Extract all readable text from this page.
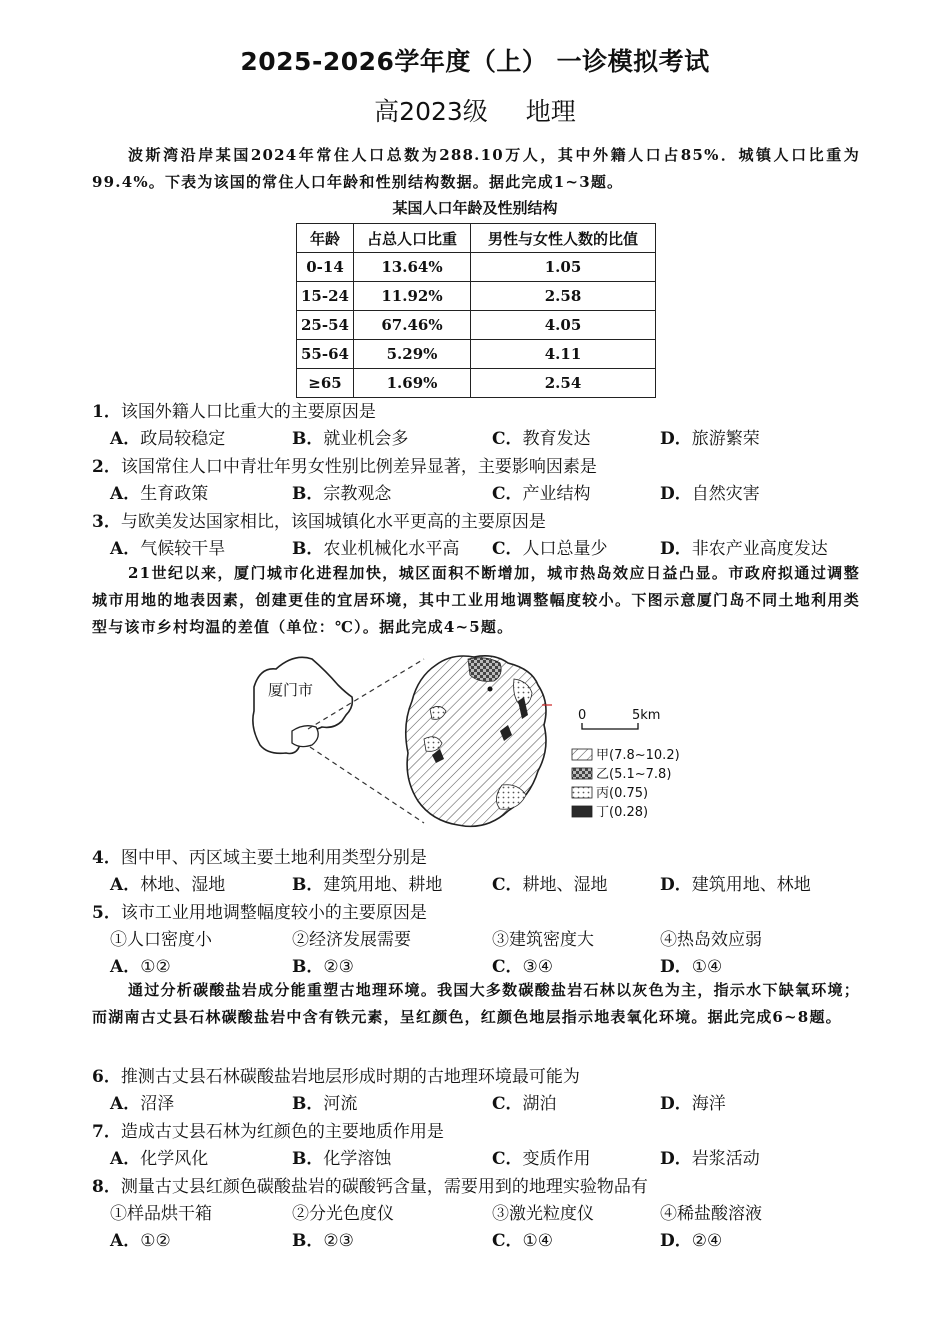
2025-2026学年度（上） 一诊模拟考试
高2023级 地理
波斯湾沿岸某国2024年常住人口总数为288.10万人，其中外籍人口占85%．城镇人口比重为99.4%。下表为该国的常住人口年龄和性别结构数据。据此完成1~3题。
某国人口年龄及性别结构
年龄	占总人口比重	男性与女性人数的比值
0-14	13.64%	1.05
15-24	11.92%	2.58
25-54	67.46%	4.05
55-64	5.29%	4.11
≥65	1.69%	2.54
1．该国外籍人口比重大的主要原因是
A．政局较稳定	B．就业机会多	C．教育发达	D．旅游繁荣
2．该国常住人口中青壮年男女性别比例差异显著，主要影响因素是
A．生育政策	B．宗教观念	C．产业结构	D．自然灾害
3．与欧美发达国家相比，该国城镇化水平更高的主要原因是
A．气候较干旱	B．农业机械化水平高 C．人口总量少	D．非农产业高度发达
21世纪以来，厦门城市化进程加快，城区面积不断增加，城市热岛效应日益凸显。市政府拟通过调整城市用地的地表因素，创建更佳的宜居环境，其中工业用地调整幅度较小。下图示意厦门岛不同土地利用类型与该市乡村均温的差值（单位：℃）。据此完成4~5题。
厦门市
0	5km
甲(7.8~10.2)
乙(5.1~7.8)
丙(0.75)
丁(0.28)
4．图中甲、丙区域主要土地利用类型分别是
A．林地、湿地	B．建筑用地、耕地	C．耕地、湿地	D．建筑用地、林地
5．该市工业用地调整幅度较小的主要原因是
①人口密度小	②经济发展需要	③建筑密度大	④热岛效应弱
A．①②	B．②③	C．③④	D．①④
通过分析碳酸盐岩成分能重塑古地理环境。我国大多数碳酸盐岩石林以灰色为主，指示水下缺氧环境；而湖南古丈县石林碳酸盐岩中含有铁元素，呈红颜色，红颜色地层指示地表氧化环境。据此完成6~8题。
6．推测古丈县石林碳酸盐岩地层形成时期的古地理环境最可能为
A．沼泽	B．河流	C．湖泊	D．海洋
7．造成古丈县石林为红颜色的主要地质作用是
A．化学风化	B．化学溶蚀	C．变质作用	D．岩浆活动
8．测量古丈县红颜色碳酸盐岩的碳酸钙含量，需要用到的地理实验物品有
①样品烘干箱	②分光色度仪	③激光粒度仪	④稀盐酸溶液
A．①②	B．②③	C．①④	D．②④
